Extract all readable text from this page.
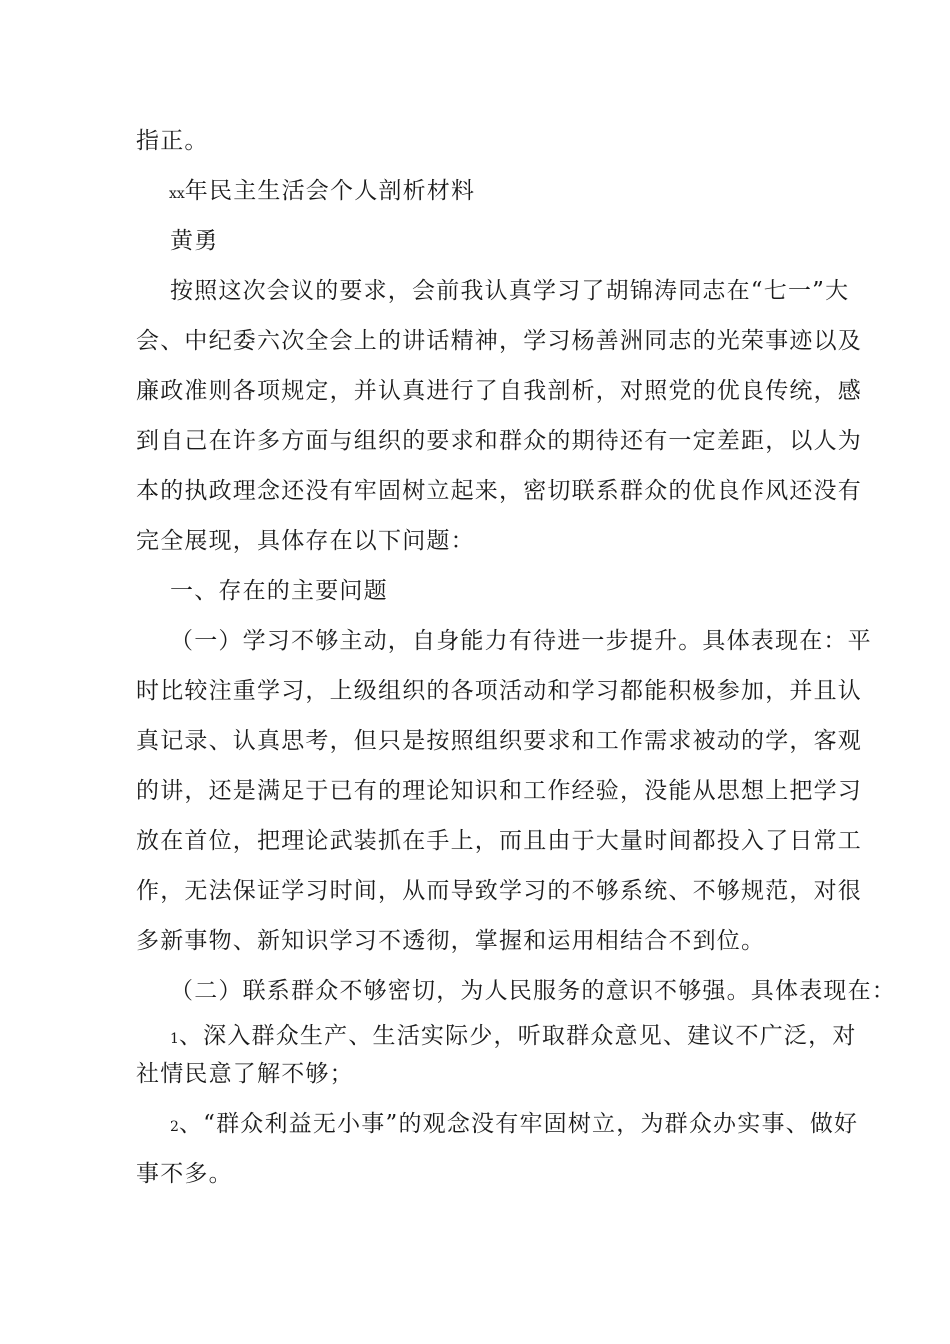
指正。
xx年民主生活会个人剖析材料
黄勇
按照这次会议的要求，会前我认真学习了胡锦涛同志在“七一”大
会、中纪委六次全会上的讲话精神，学习杨善洲同志的光荣事迹以及
廉政准则各项规定，并认真进行了自我剖析，对照党的优良传统，感
到自己在许多方面与组织的要求和群众的期待还有一定差距，以人为
本的执政理念还没有牢固树立起来，密切联系群众的优良作风还没有
完全展现，具体存在以下问题：
一、存在的主要问题
（一）学习不够主动，自身能力有待进一步提升。具体表现在：平
时比较注重学习，上级组织的各项活动和学习都能积极参加，并且认
真记录、认真思考，但只是按照组织要求和工作需求被动的学，客观
的讲，还是满足于已有的理论知识和工作经验，没能从思想上把学习
放在首位，把理论武装抓在手上，而且由于大量时间都投入了日常工
作，无法保证学习时间，从而导致学习的不够系统、不够规范，对很
多新事物、新知识学习不透彻，掌握和运用相结合不到位。
（二）联系群众不够密切，为人民服务的意识不够强。具体表现在：
1、深入群众生产、生活实际少，听取群众意见、建议不广泛，对
社情民意了解不够；
2、“群众利益无小事”的观念没有牢固树立，为群众办实事、做好
事不多。
